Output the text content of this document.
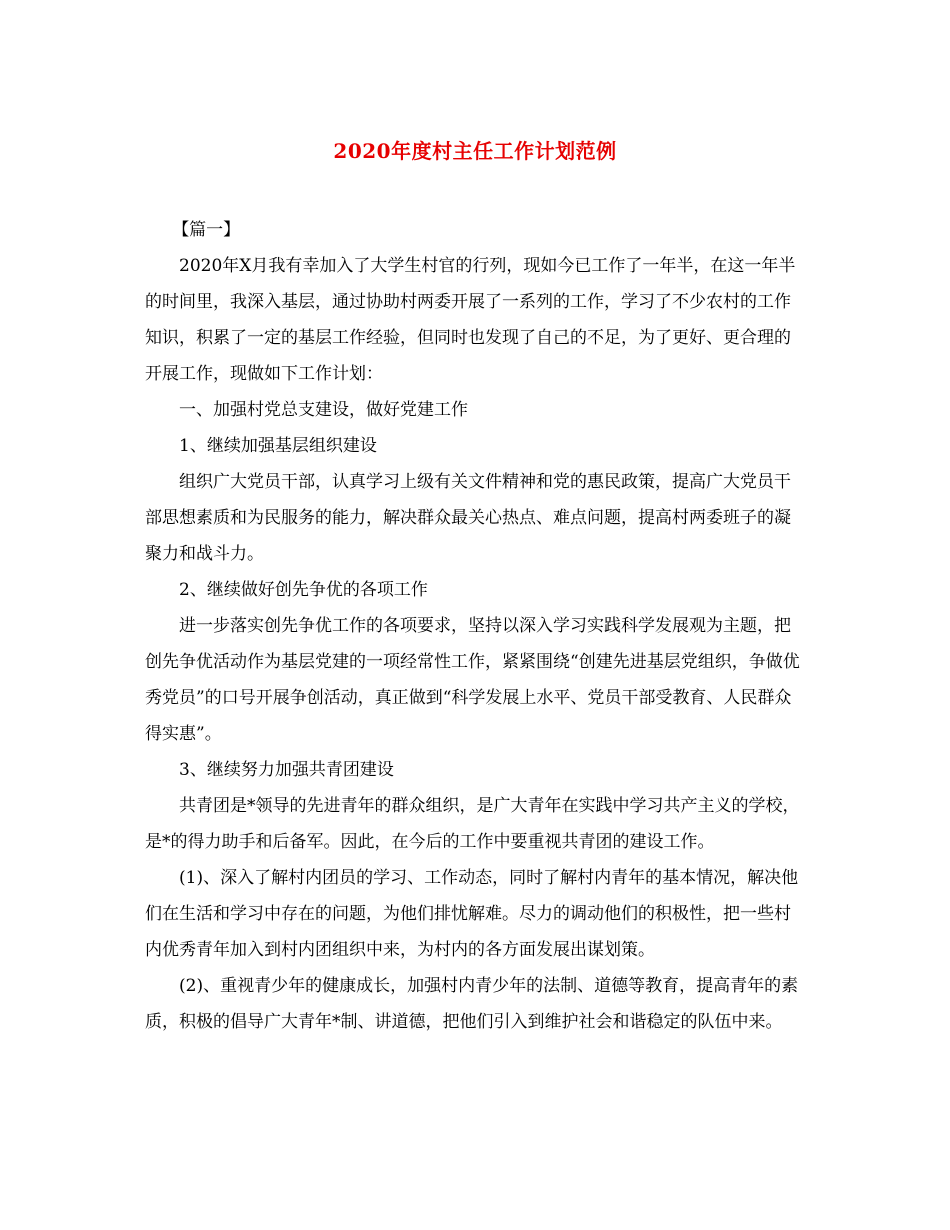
2020年度村主任工作计划范例

【篇一】

2020年X月我有幸加入了大学生村官的行列，现如今已工作了一年半，在这一年半的时间里，我深入基层，通过协助村两委开展了一系列的工作，学习了不少农村的工作知识，积累了一定的基层工作经验，但同时也发现了自己的不足，为了更好、更合理的开展工作，现做如下工作计划：

一、加强村党总支建设，做好党建工作

1、继续加强基层组织建设

组织广大党员干部，认真学习上级有关文件精神和党的惠民政策，提高广大党员干部思想素质和为民服务的能力，解决群众最关心热点、难点问题，提高村两委班子的凝聚力和战斗力。

2、继续做好创先争优的各项工作

进一步落实创先争优工作的各项要求，坚持以深入学习实践科学发展观为主题，把创先争优活动作为基层党建的一项经常性工作，紧紧围绕“创建先进基层党组织，争做优秀党员”的口号开展争创活动，真正做到“科学发展上水平、党员干部受教育、人民群众得实惠”。

3、继续努力加强共青团建设

共青团是*领导的先进青年的群众组织，是广大青年在实践中学习共产主义的学校，是*的得力助手和后备军。因此，在今后的工作中要重视共青团的建设工作。

(1)、深入了解村内团员的学习、工作动态，同时了解村内青年的基本情况，解决他们在生活和学习中存在的问题，为他们排忧解难。尽力的调动他们的积极性，把一些村内优秀青年加入到村内团组织中来，为村内的各方面发展出谋划策。

(2)、重视青少年的健康成长，加强村内青少年的法制、道德等教育，提高青年的素质，积极的倡导广大青年*制、讲道德，把他们引入到维护社会和谐稳定的队伍中来。
